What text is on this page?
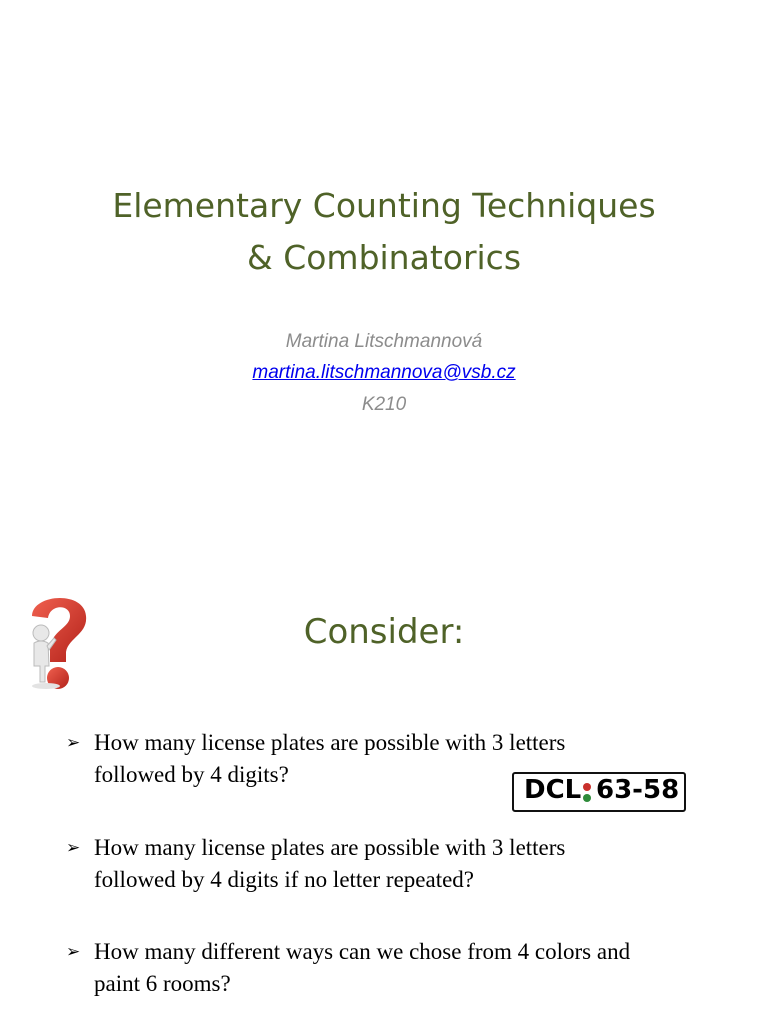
Elementary Counting Techniques
& Combinatorics
Martina Litschmannová
martina.litschmannova@vsb.cz
K210
Consider:
➢ How many license plates are possible with 3 letters
followed by 4 digits?
DCL 63-58
➢ How many license plates are possible with 3 letters
followed by 4 digits if no letter repeated?
➢ How many different ways can we chose from 4 colors and
paint 6 rooms?
